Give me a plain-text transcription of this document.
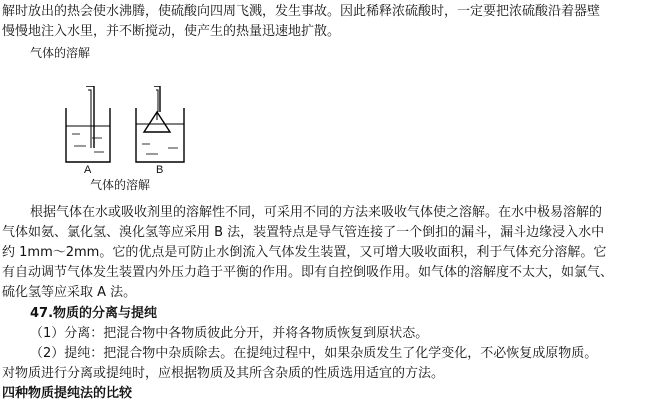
解时放出的热会使水沸腾，使硫酸向四周飞溅，发生事故。因此稀释浓硫酸时，一定要把浓硫酸沿着器壁
慢慢地注入水里，并不断搅动，使产生的热量迅速地扩散。
气体的溶解
A	B
气体的溶解
根据气体在水或吸收剂里的溶解性不同，可采用不同的方法来吸收气体使之溶解。在水中极易溶解的
气体如氨、氯化氢、溴化氢等应采用 B 法，装置特点是导气管连接了一个倒扣的漏斗，漏斗边缘浸入水中
约 1mm～2mm。它的优点是可防止水倒流入气体发生装置，又可增大吸收面积，利于气体充分溶解。它
有自动调节气体发生装置内外压力趋于平衡的作用。即有自控倒吸作用。如气体的溶解度不太大，如氯气、
硫化氢等应采取 A 法。
47.物质的分离与提纯
（1）分离：把混合物中各物质彼此分开，并将各物质恢复到原状态。
（2）提纯：把混合物中杂质除去。在提纯过程中，如果杂质发生了化学变化，不必恢复成原物质。
对物质进行分离或提纯时，应根据物质及其所含杂质的性质选用适宜的方法。
四种物质提纯法的比较
